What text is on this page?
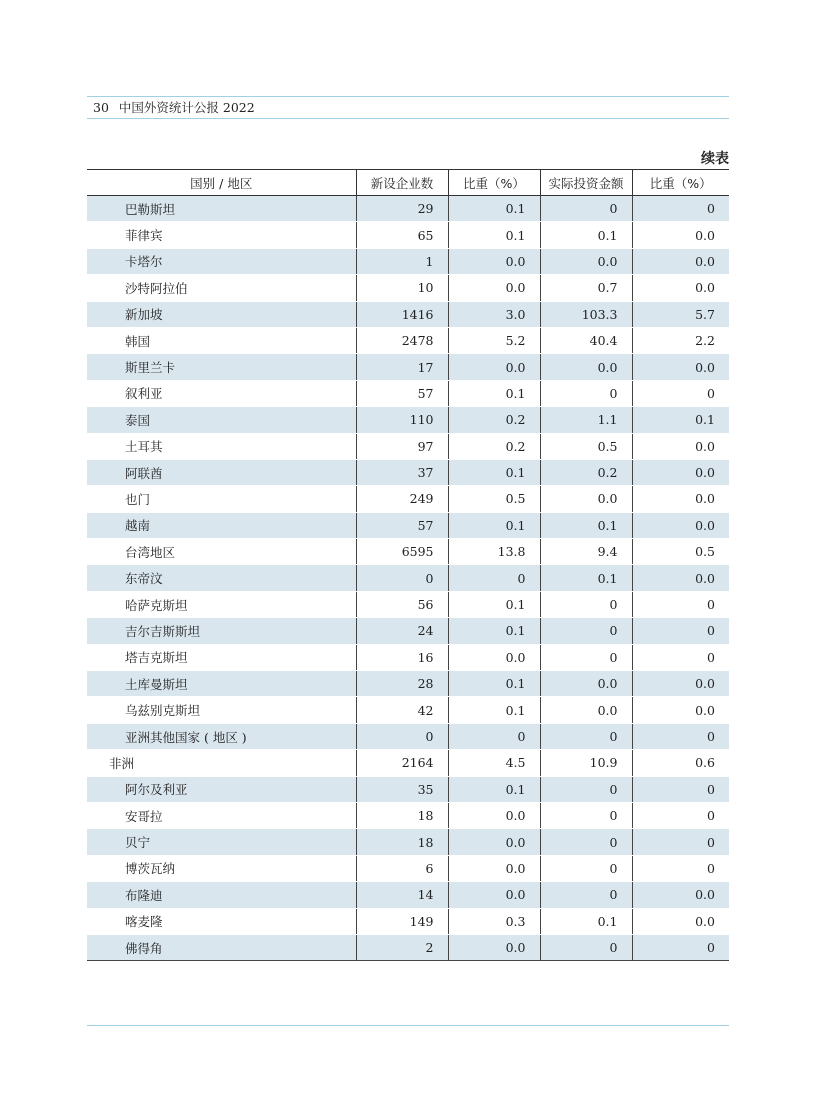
30 中国外资统计公报 2022
续表
国别 / 地区	新设企业数	比重（%）	实际投资金额	比重（%）
巴勒斯坦	29	0.1	0	0
菲律宾	65	0.1	0.1	0.0
卡塔尔	1	0.0	0.0	0.0
沙特阿拉伯	10	0.0	0.7	0.0
新加坡	1416	3.0	103.3	5.7
韩国	2478	5.2	40.4	2.2
斯里兰卡	17	0.0	0.0	0.0
叙利亚	57	0.1	0	0
泰国	110	0.2	1.1	0.1
土耳其	97	0.2	0.5	0.0
阿联酋	37	0.1	0.2	0.0
也门	249	0.5	0.0	0.0
越南	57	0.1	0.1	0.0
台湾地区	6595	13.8	9.4	0.5
东帝汶	0	0	0.1	0.0
哈萨克斯坦	56	0.1	0	0
吉尔吉斯斯坦	24	0.1	0	0
塔吉克斯坦	16	0.0	0	0
土库曼斯坦	28	0.1	0.0	0.0
乌兹别克斯坦	42	0.1	0.0	0.0
亚洲其他国家 ( 地区 )	0	0	0	0
非洲	2164	4.5	10.9	0.6
阿尔及利亚	35	0.1	0	0
安哥拉	18	0.0	0	0
贝宁	18	0.0	0	0
博茨瓦纳	6	0.0	0	0
布隆迪	14	0.0	0	0.0
喀麦隆	149	0.3	0.1	0.0
佛得角	2	0.0	0	0
